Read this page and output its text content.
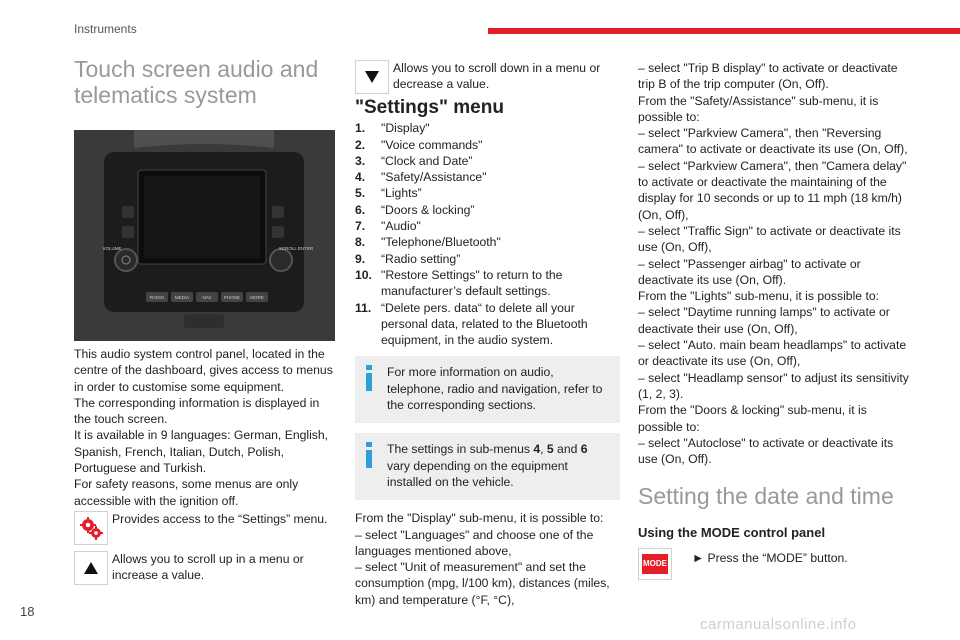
Instruments
Touch screen audio and telematics system
VOLUME	SCROLL ENTER
RADIO MEDIA	NAV	PHONE MORE

This audio system control panel, located in the centre of the dashboard, gives access to menus in order to customise some equipment.

The corresponding information is displayed in the touch screen.

It is available in 9 languages: German, English, Spanish, French, Italian, Dutch, Polish, Portuguese and Turkish.

For safety reasons, some menus are only accessible with the ignition off.

Provides access to the “Settings” menu.

Allows you to scroll up in a menu or increase a value.

Allows you to scroll down in a menu or decrease a value.

"Settings" menu
1. "Display"
2. "Voice commands"
3. “Clock and Date”
4. "Safety/Assistance"
5. “Lights”
6. “Doors & locking”
7. "Audio"
8. "Telephone/Bluetooth"
9. “Radio setting”
10. "Restore Settings" to return to the manufacturer’s default settings.
11. “Delete pers. data“ to delete all your personal data, related to the Bluetooth equipment, in the audio system.

For more information on audio, telephone, radio and navigation, refer to the corresponding sections.

The settings in sub-menus 4, 5 and 6 vary depending on the equipment installed on the vehicle.

From the "Display" sub-menu, it is possible to:
– select "Languages" and choose one of the languages mentioned above,
– select "Unit of measurement" and set the consumption (mpg, l/100 km), distances (miles, km) and temperature (°F, °C),

– select "Trip B display" to activate or deactivate trip B of the trip computer (On, Off).
From the "Safety/Assistance" sub-menu, it is possible to:
– select "Parkview Camera", then "Reversing camera" to activate or deactivate its use (On, Off),
– select “Parkview Camera", then "Camera delay" to activate or deactivate the maintaining of the display for 10 seconds or up to 11 mph (18 km/h) (On, Off),
– select "Traffic Sign" to activate or deactivate its use (On, Off),
– select "Passenger airbag" to activate or deactivate its use (On, Off).
From the "Lights" sub-menu, it is possible to:
– select "Daytime running lamps" to activate or deactivate their use (On, Off),
– select "Auto. main beam headlamps" to activate or deactivate its use (On, Off),
– select "Headlamp sensor" to adjust its sensitivity (1, 2, 3).
From the "Doors & locking" sub-menu, it is possible to:
– select "Autoclose" to activate or deactivate its use (On, Off).

Setting the date and time
Using the MODE control panel
MODE ► Press the “MODE” button.

18
carmanualsonline.info
